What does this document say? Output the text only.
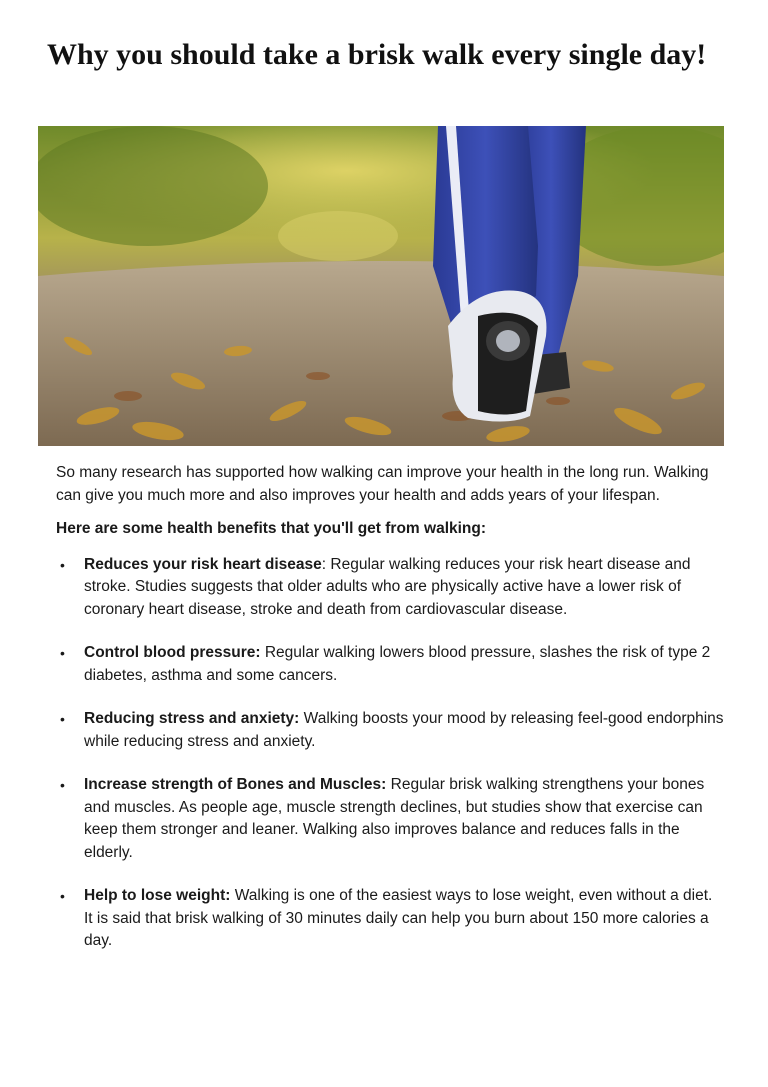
Why you should take a brisk walk every single day!

So many research has supported how walking can improve your health in the long run. Walking can give you much more and also improves your health and adds years of your lifespan.

Here are some health benefits that you'll get from walking:

• Reduces your risk heart disease: Regular walking reduces your risk heart disease and stroke. Studies suggests that older adults who are physically active have a lower risk of coronary heart disease, stroke and death from cardiovascular disease.
• Control blood pressure: Regular walking lowers blood pressure, slashes the risk of type 2 diabetes, asthma and some cancers.
• Reducing stress and anxiety: Walking boosts your mood by releasing feel-good endorphins while reducing stress and anxiety.
• Increase strength of Bones and Muscles: Regular brisk walking strengthens your bones and muscles. As people age, muscle strength declines, but studies show that exercise can keep them stronger and leaner. Walking also improves balance and reduces falls in the elderly.
• Help to lose weight: Walking is one of the easiest ways to lose weight, even without a diet. It is said that brisk walking of 30 minutes daily can help you burn about 150 more calories a day.
